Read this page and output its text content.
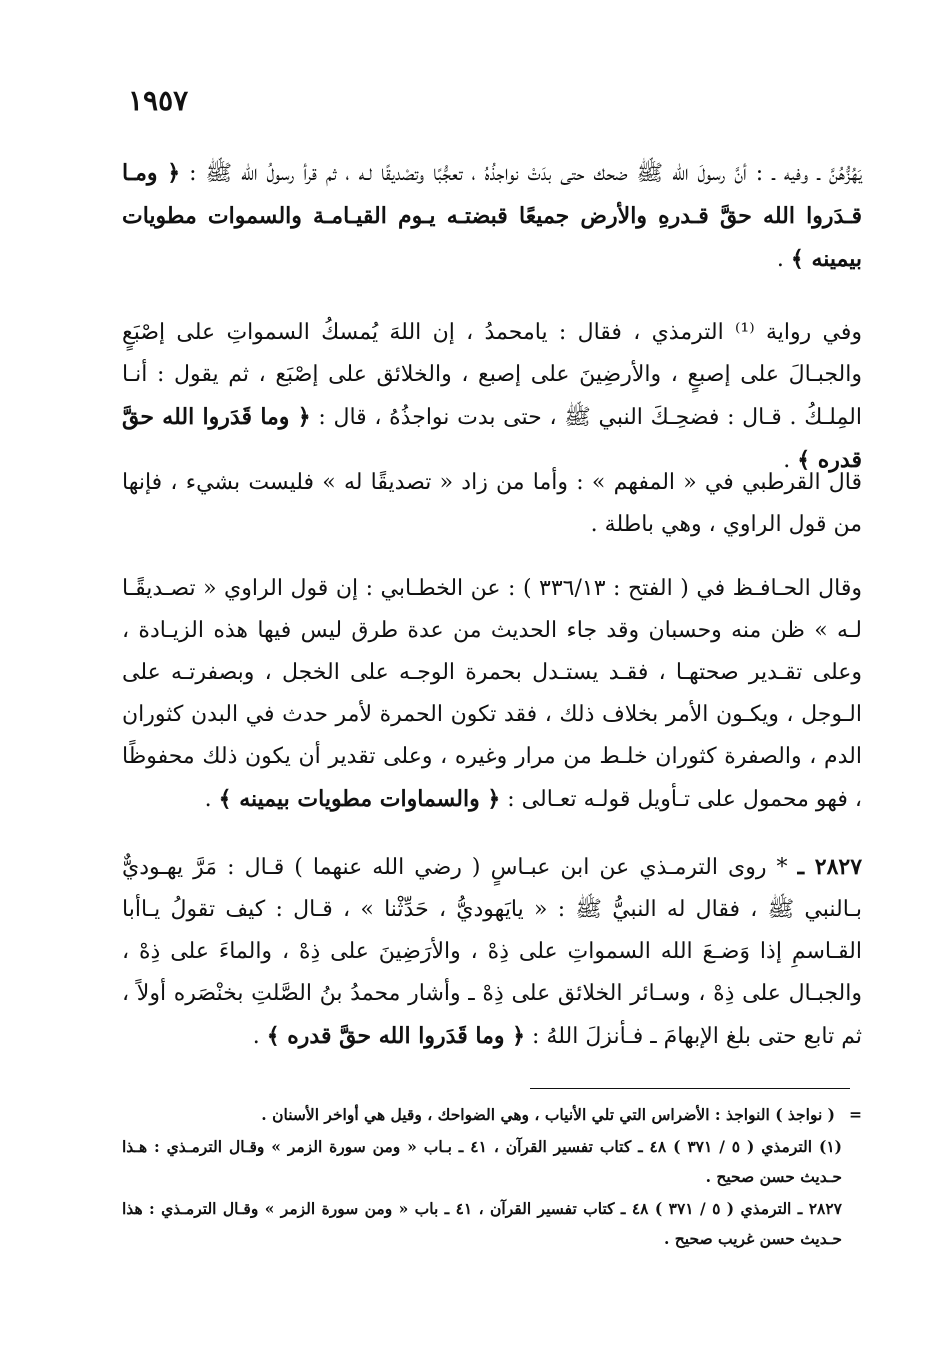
١٩٥٧

يَهُزُّهُنَّ ـ وفيه ـ : أنَّ رسولَ الله ﷺ ضحك حتى بدَتْ نواجذُهُ ، تعجُّبًا وتصْديقًا لـه ، ثم قرأ رسولُ الله ﷺ : ﴿ ومـا قـدَروا الله حقَّ قـدرهِ والأرض جميعًا قبضتـه يـوم القيـامـة والسموات مطويات بيمينه ﴾ .

وفي رواية ⁽¹⁾ الترمذي ، فقال : يامحمدُ ، إن اللهَ يُمسكُ السمواتِ على إصْبَعٍ والجبـالَ على إصبعٍ ، والأرضِينَ على إصبع ، والخلائق على إصْبَع ، ثم يقول : أنـا المِلـكُ . قـال : فضحِـكَ النبي ﷺ ، حتى بدت نواجذُهُ ، قال : ﴿ وما قَدَروا الله حقَّ قدره ﴾ .

قال القرطبي في « المفهم » : وأما من زاد « تصديقًا له » فليست بشيء ، فإنها من قول الراوي ، وهي باطلة .

وقال الحـافـظ في ( الفتح : ٣٣٦/١٣ ) : عن الخطـابي : إن قول الراوي « تصـديقًـا لـه » ظن منه وحسبان وقد جاء الحديث من عدة طرق ليس فيها هذه الزيـادة ، وعلى تقـدير صحتهـا ، فقـد يستـدل بحمرة الوجـه على الخجل ، وبصفرتـه على الـوجل ، ويكـون الأمر بخلاف ذلك ، فقد تكون الحمرة لأمر حدث في البدن كثوران الدم ، والصفرة كثوران خلـط من مرار وغيره ، وعلى تقدير أن يكون ذلك محفوظًا ، فهو محمول على تـأويل قولـه تعـالى : ﴿ والسماوات مطويات بيمينه ﴾ .

٢٨٢٧ ـ * روى الترمـذي عن ابن عبـاسٍ ( رضي الله عنهما ) قـال : مَرَّ يهـوديٌّ بـالنبي ﷺ ، فقال له النبيُّ ﷺ : « يايَهوديُّ ، حَدِّثْنا » ، قـال : كيف تقولُ يـاأبا القـاسمِ إذا وَضـعَ الله السمواتِ على ذِهْ ، والأرَضِينَ على ذِهْ ، والماءَ على ذِهْ ، والجبـال على ذِهْ ، وسـائر الخلائق على ذِهْ ـ وأشار محمدُ بنُ الصَّلتِ بخنْصَره أولاً ، ثم تابع حتى بلغ الإبهامَ ـ فـأنزلَ اللهُ : ﴿ وما قَدَروا الله حقَّ قدره ﴾ .

=( نواجذ ) النواجذ : الأضراس التي تلي الأنياب ، وهي الضواحك ، وقيل هي أواخر الأسنان .

(١) الترمذي ( ٥ / ٣٧١ ) ٤٨ ـ كتاب تفسير القرآن ، ٤١ ـ بـاب « ومن سورة الزمر » وقـال الترمـذي : هـذا حـديث حسن صحيح .

٢٨٢٧ ـ الترمذي ( ٥ / ٣٧١ ) ٤٨ ـ كتاب تفسير القرآن ، ٤١ ـ باب « ومن سورة الزمر » وقـال الترمـذي : هذا حـديث حسن غريب صحيح .
